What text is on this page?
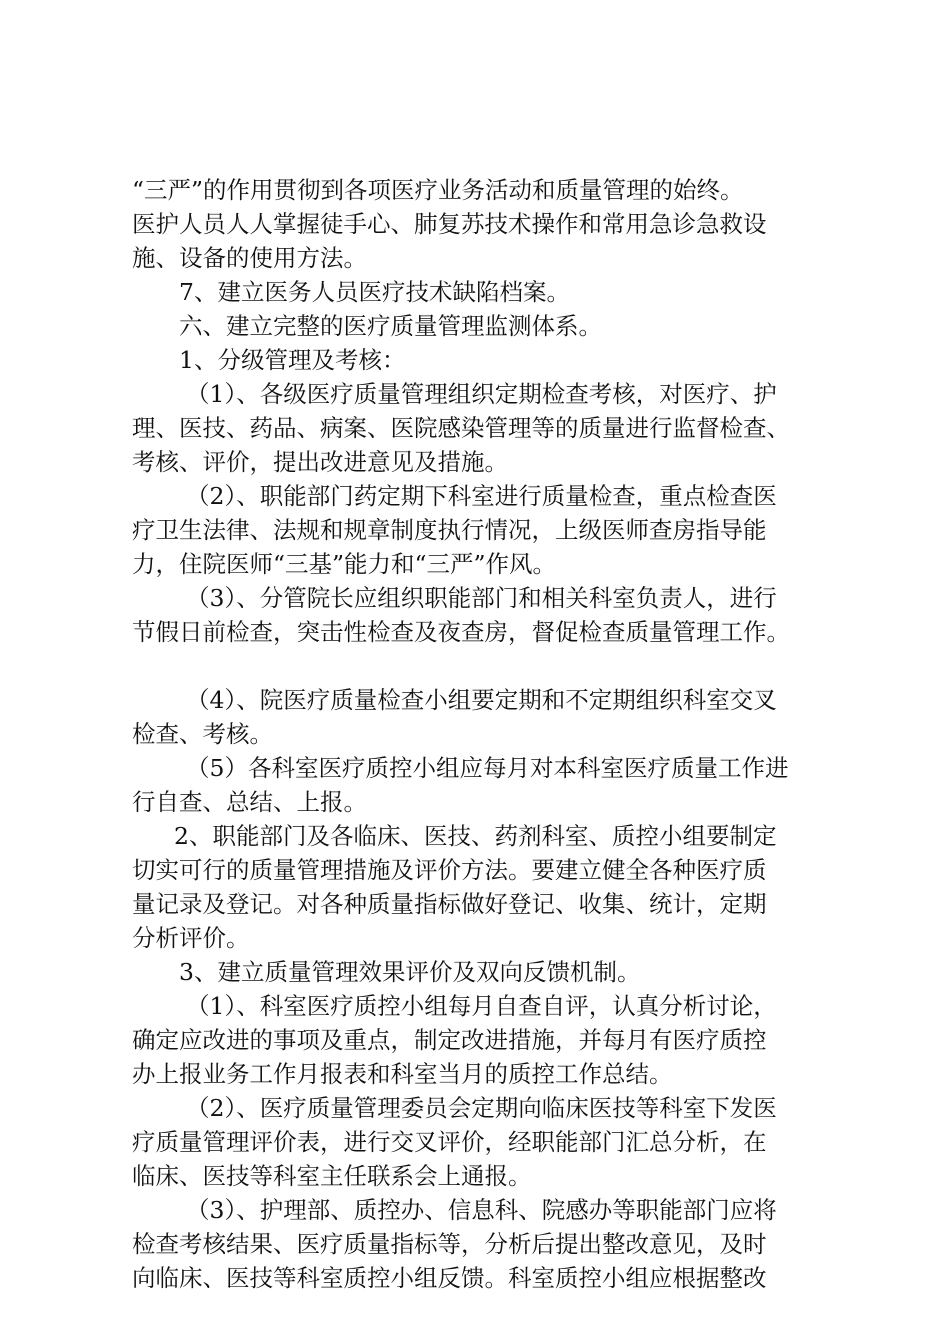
“三严”的作用贯彻到各项医疗业务活动和质量管理的始终。
医护人员人人掌握徒手心、肺复苏技术操作和常用急诊急救设
施、设备的使用方法。
7、建立医务人员医疗技术缺陷档案。
六、建立完整的医疗质量管理监测体系。
1、分级管理及考核：
（1）、各级医疗质量管理组织定期检查考核，对医疗、护
理、医技、药品、病案、医院感染管理等的质量进行监督检查、
考核、评价，提出改进意见及措施。
（2）、职能部门药定期下科室进行质量检查，重点检查医
疗卫生法律、法规和规章制度执行情况，上级医师查房指导能
力，住院医师“三基”能力和“三严”作风。
（3）、分管院长应组织职能部门和相关科室负责人，进行
节假日前检查，突击性检查及夜查房，督促检查质量管理工作。
（4）、院医疗质量检查小组要定期和不定期组织科室交叉
检查、考核。
（5）各科室医疗质控小组应每月对本科室医疗质量工作进
行自查、总结、上报。
2、职能部门及各临床、医技、药剂科室、质控小组要制定
切实可行的质量管理措施及评价方法。要建立健全各种医疗质
量记录及登记。对各种质量指标做好登记、收集、统计，定期
分析评价。
3、建立质量管理效果评价及双向反馈机制。
（1）、科室医疗质控小组每月自查自评，认真分析讨论，
确定应改进的事项及重点，制定改进措施，并每月有医疗质控
办上报业务工作月报表和科室当月的质控工作总结。
（2）、医疗质量管理委员会定期向临床医技等科室下发医
疗质量管理评价表，进行交叉评价，经职能部门汇总分析，在
临床、医技等科室主任联系会上通报。
（3）、护理部、质控办、信息科、院感办等职能部门应将
检查考核结果、医疗质量指标等，分析后提出整改意见，及时
向临床、医技等科室质控小组反馈。科室质控小组应根据整改
